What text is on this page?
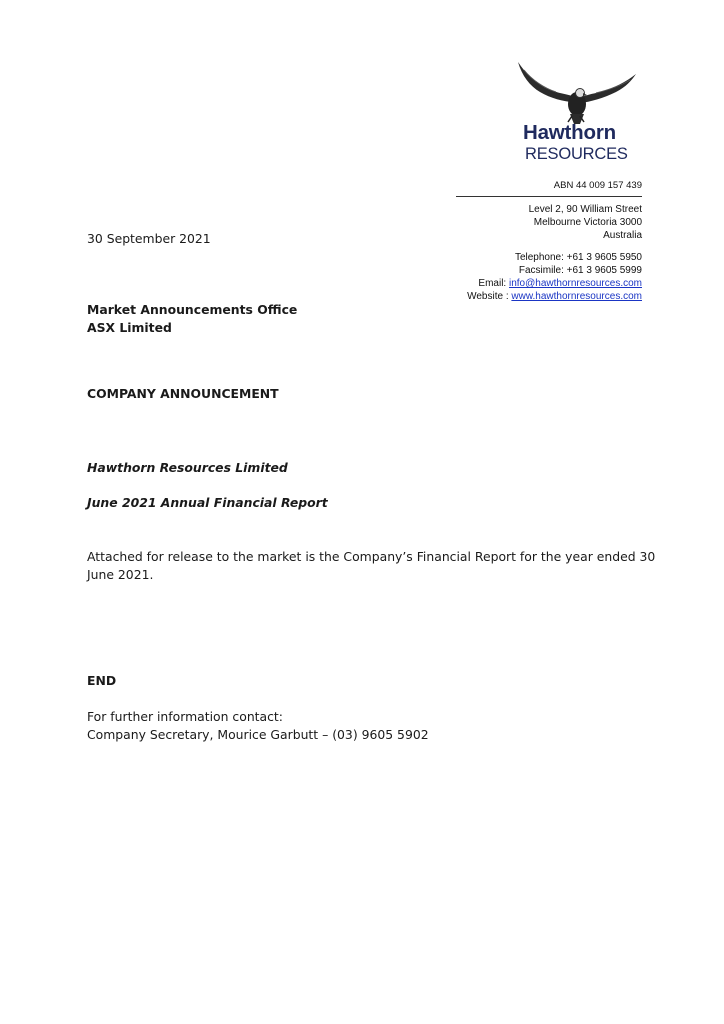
Hawthorn
RESOURCES
ABN 44 009 157 439
Level 2, 90 William Street
Melbourne Victoria 3000
Australia
Telephone: +61 3 9605 5950
Facsimile: +61 3 9605 5999
Email: info@hawthornresources.com
Website : www.hawthornresources.com
30 September 2021
Market Announcements Office
ASX Limited
COMPANY ANNOUNCEMENT
Hawthorn Resources Limited
June 2021 Annual Financial Report
Attached for release to the market is the Company’s Financial Report for the year ended 30
June 2021.
END
For further information contact:
Company Secretary, Mourice Garbutt – (03) 9605 5902
